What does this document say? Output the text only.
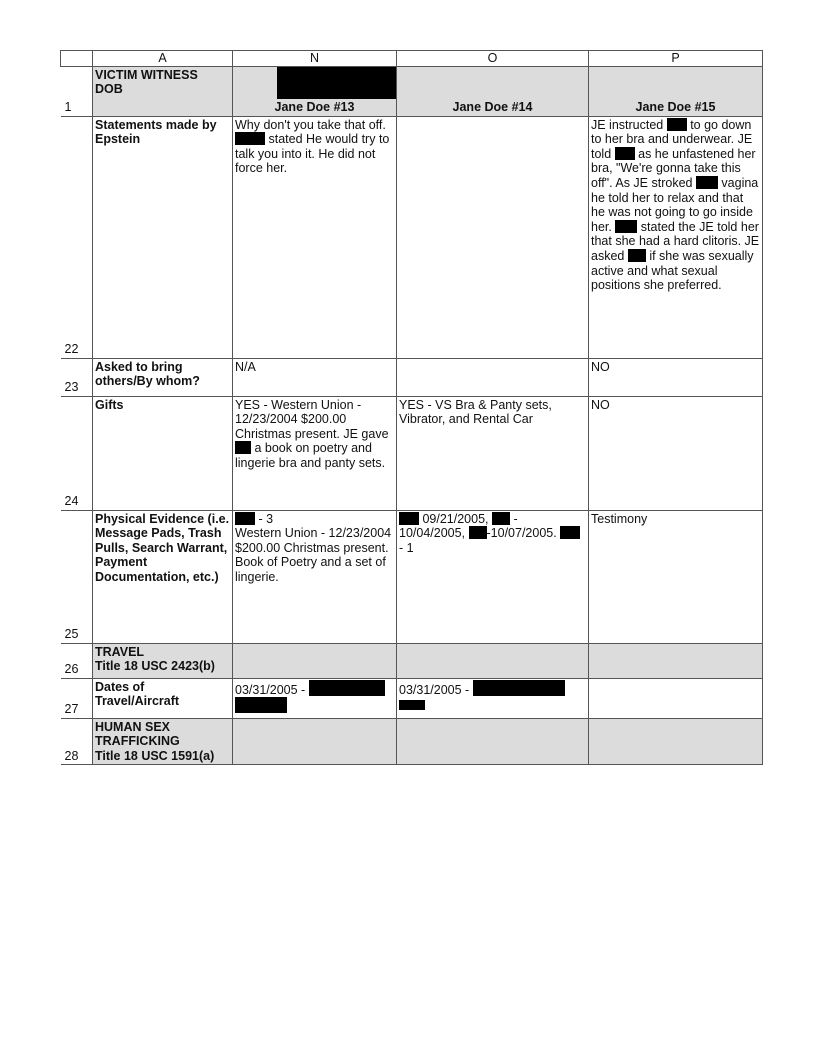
	A	N	O	P
1	VICTIM WITNESS
DOB	Jane Doe #13	Jane Doe #14	Jane Doe #15
22	Statements made by Epstein	Why don't you take that off.  stated He would try to talk you into it. He did not force her.		JE instructed  to go down to her bra and underwear. JE told  as he unfastened her bra, "We're gonna take this off". As JE stroked  vagina he told her to relax and that he was not going to go inside her.  stated the JE told her that she had a hard clitoris. JE asked  if she was sexually active and what sexual positions she preferred.
23	Asked to bring others/By whom?	N/A		NO
24	Gifts	YES - Western Union - 12/23/2004 $200.00 Christmas present. JE gave  a book on poetry and lingerie bra and panty sets.	YES - VS Bra & Panty sets, Vibrator, and Rental Car	NO
25	Physical Evidence (i.e. Message Pads, Trash Pulls, Search Warrant, Payment Documentation, etc.)	- 3
Western Union - 12/23/2004 $200.00 Christmas present. Book of Poetry and a set of lingerie.	09/21/2005,  - 10/04/2005, -10/07/2005.  - 1	Testimony
26	TRAVEL
Title 18 USC 2423(b)			

27	Dates of Travel/Aircraft	03/31/2005 -	03/31/2005 -

28	HUMAN SEX
TRAFFICKING
Title 18 USC 1591(a)			
